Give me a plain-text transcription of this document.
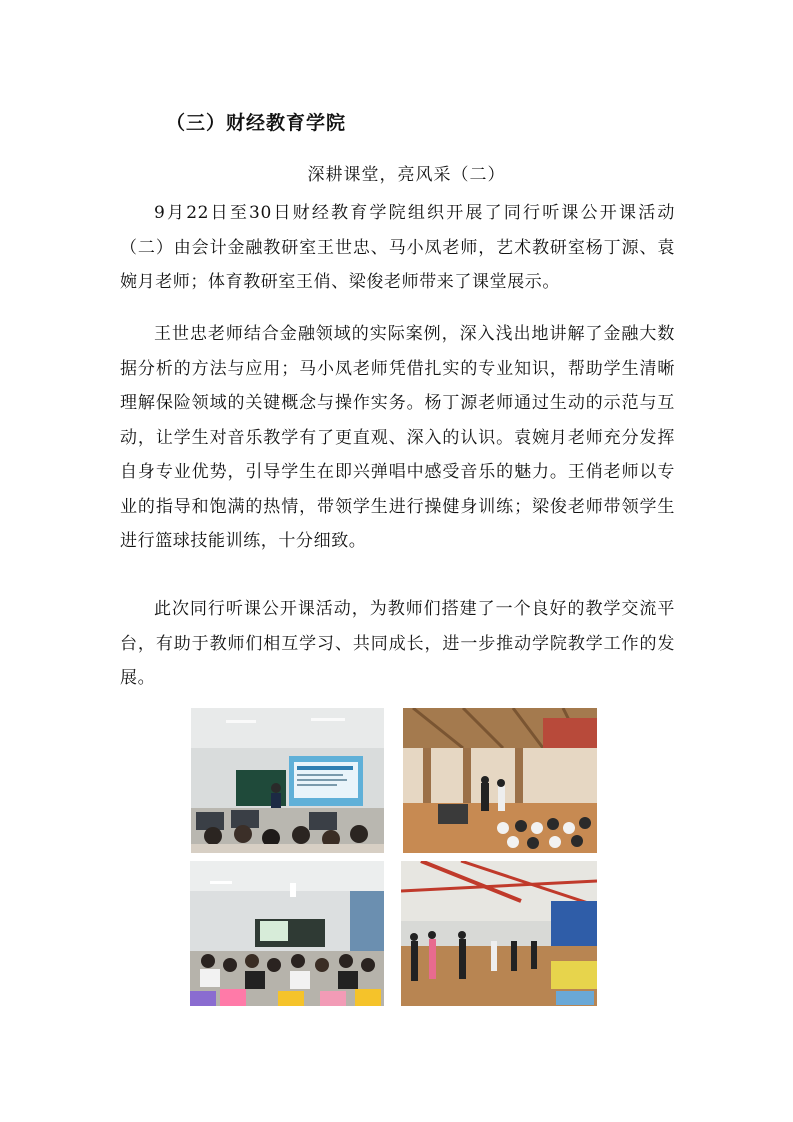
（三）财经教育学院
深耕课堂，亮风采（二）

9月22日至30日财经教育学院组织开展了同行听课公开课活动（二）由会计金融教研室王世忠、马小凤老师，艺术教研室杨丁源、袁婉月老师；体育教研室王俏、梁俊老师带来了课堂展示。

王世忠老师结合金融领域的实际案例，深入浅出地讲解了金融大数据分析的方法与应用；马小凤老师凭借扎实的专业知识，帮助学生清晰理解保险领域的关键概念与操作实务。杨丁源老师通过生动的示范与互动，让学生对音乐教学有了更直观、深入的认识。袁婉月老师充分发挥自身专业优势，引导学生在即兴弹唱中感受音乐的魅力。王俏老师以专业的指导和饱满的热情，带领学生进行操健身训练；梁俊老师带领学生进行篮球技能训练，十分细致。

此次同行听课公开课活动，为教师们搭建了一个良好的教学交流平台，有助于教师们相互学习、共同成长，进一步推动学院教学工作的发展。
